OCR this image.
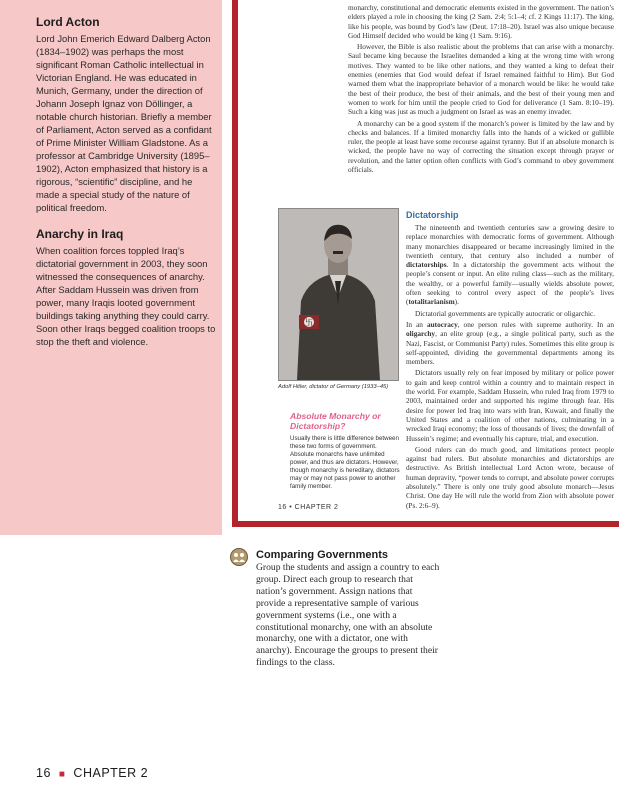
Lord Acton

Lord John Emerich Edward Dalberg Acton (1834–1902) was perhaps the most significant Roman Catholic intellectual in Victorian England. He was educated in Munich, Germany, under the direction of Johann Joseph Ignaz von Döllinger, a notable church historian. Briefly a member of Parliament, Acton served as a confidant of Prime Minister William Gladstone. As a professor at Cambridge University (1895–1902), Acton emphasized that history is a rigorous, “scientific” discipline, and he made a special study of the nature of political freedom.

Anarchy in Iraq

When coalition forces toppled Iraq’s dictatorial government in 2003, they soon witnessed the consequences of anarchy. After Saddam Hussein was driven from power, many Iraqis looted government buildings taking anything they could carry. Soon other Iraqs begged coalition troops to stop the theft and violence.

monarchy, constitutional and democratic elements existed in the government. The nation’s elders played a role in choosing the king (2 Sam. 2:4; 5:1–4; cf. 2 Kings 11:17). The king, like his people, was bound by God’s law (Deut. 17:18–20). Israel was also unique because God Himself decided who would be king (1 Sam. 9:16).

However, the Bible is also realistic about the problems that can arise with a monarchy. Saul became king because the Israelites demanded a king at the wrong time with wrong motives. They wanted to be like other nations, and they wanted a king to defeat their enemies (enemies that God would defeat if Israel remained faithful to Him). But God warned them what the inappropriate behavior of a monarch would be like: he would take the best of their produce, the best of their animals, and the best of their young men and women to work for him until the people cried to God for deliverance (1 Sam. 8:10–19). Such a king was just as much a judgment on Israel as was an enemy invader.

A monarchy can be a good system if the monarch’s power is limited by the law and by checks and balances. If a limited monarchy falls into the hands of a wicked or gullible ruler, the people at least have some recourse against tyranny. But if an absolute monarch is wicked, the people have no way of correcting the situation except through prayer or revolution, and the latter option often conflicts with God’s command to obey government officials.

卐

Adolf Hitler, dictator of Germany (1933–45)

Absolute Monarchy or Dictatorship?

Usually there is little difference between these two forms of government. Absolute monarchs have unlimited power, and thus are dictators. However, though monarchy is hereditary, dictators may or may not pass power to another family member.

Dictatorship

The nineteenth and twentieth centuries saw a growing desire to replace monarchies with democratic forms of government. Although many monarchies disappeared or became increasingly limited in the twentieth century, that century also included a number of dictatorships. In a dictatorship the government acts without the people’s consent or input. An elite ruling class—such as the military, the wealthy, or a powerful family—usually wields absolute power, often seeking to control every aspect of the people’s lives (totalitarianism).

Dictatorial governments are typically autocratic or oligarchic.

In an autocracy, one person rules with supreme authority. In an oligarchy, an elite group (e.g., a single political party, such as the Nazi, Fascist, or Communist Party) rules. Sometimes this elite group is self-appointed, dividing the governmental departments among its members.

Dictators usually rely on fear imposed by military or police power to gain and keep control within a country and to maintain respect in the world. For example, Saddam Hussein, who ruled Iraq from 1979 to 2003, maintained order and supported his regime through fear. His desire for power led Iraq into wars with Iran, Kuwait, and finally the United States and a coalition of other nations, culminating in a wrecked Iraqi economy; the loss of thousands of lives; the downfall of Hussein’s regime; and eventually his capture, trial, and execution.

Good rulers can do much good, and limitations protect people against bad rulers. But absolute monarchies and dictatorships are destructive. As British intellectual Lord Acton wrote, because of human depravity, “power tends to corrupt, and absolute power corrupts absolutely.” There is only one truly good absolute monarch—Jesus Christ. One day He will rule the world from Zion with absolute power (Ps. 2:6–9).

16 • CHAPTER 2

Comparing Governments

Group the students and assign a country to each group. Direct each group to research that nation’s government. Assign nations that provide a representative sample of various government systems (i.e., one with a constitutional monarchy, one with an absolute monarchy, one with a dictator, one with anarchy). Encourage the groups to present their findings to the class.

16 ■ CHAPTER 2
